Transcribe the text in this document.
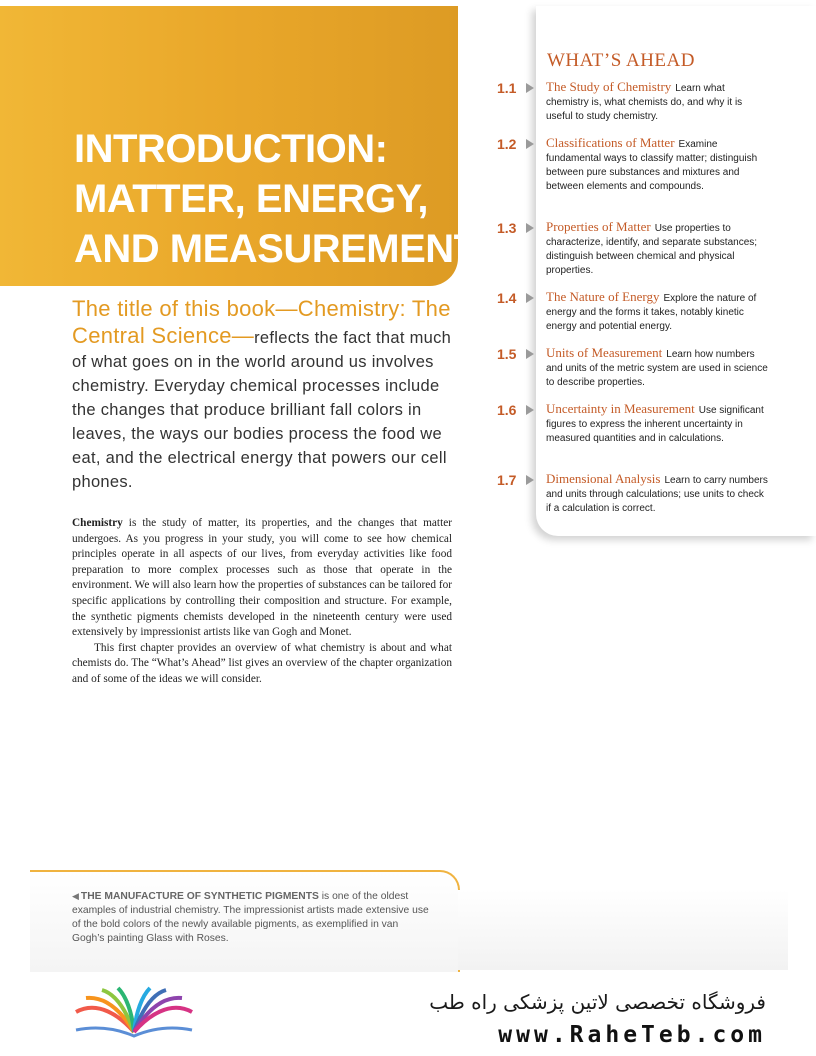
INTRODUCTION:
MATTER, ENERGY,
AND MEASUREMENT
WHAT’S AHEAD
1.1	The Study of Chemistry Learn what chemistry is, what chemists do, and why it is useful to study chemistry.
1.2	Classifications of Matter Examine fundamental ways to classify matter; distinguish between pure substances and mixtures and between elements and compounds.
1.3	Properties of Matter Use properties to characterize, identify, and separate substances; distinguish between chemical and physical properties.
1.4	The Nature of Energy Explore the nature of energy and the forms it takes, notably kinetic energy and potential energy.
1.5	Units of Measurement Learn how numbers and units of the metric system are used in science to describe properties.
1.6	Uncertainty in Measurement Use significant figures to express the inherent uncertainty in measured quantities and in calculations.
1.7	Dimensional Analysis Learn to carry numbers and units through calculations; use units to check if a calculation is correct.
The title of this book—Chemistry: The Central Science—reflects the fact that much of what goes on in the world around us involves chemistry. Everyday chemical processes include the changes that produce brilliant fall colors in leaves, the ways our bodies process the food we eat, and the electrical energy that powers our cell phones.

Chemistry is the study of matter, its properties, and the changes that matter undergoes. As you progress in your study, you will come to see how chemical principles operate in all aspects of our lives, from everyday activities like food preparation to more complex processes such as those that operate in the environment. We will also learn how the properties of substances can be tailored for specific applications by controlling their composition and structure. For example, the synthetic pigments chemists developed in the nineteenth century were used extensively by impressionist artists like van Gogh and Monet.

This first chapter provides an overview of what chemistry is about and what chemists do. The “What’s Ahead” list gives an overview of the chapter organization and of some of the ideas we will consider.

◀ THE MANUFACTURE OF SYNTHETIC PIGMENTS is one of the oldest examples of industrial chemistry. The impressionist artists made extensive use of the bold colors of the newly available pigments, as exemplified in van Gogh’s painting Glass with Roses.
فروشگاه تخصصی لاتین پزشکی راه طب
www.RaheTeb.com
